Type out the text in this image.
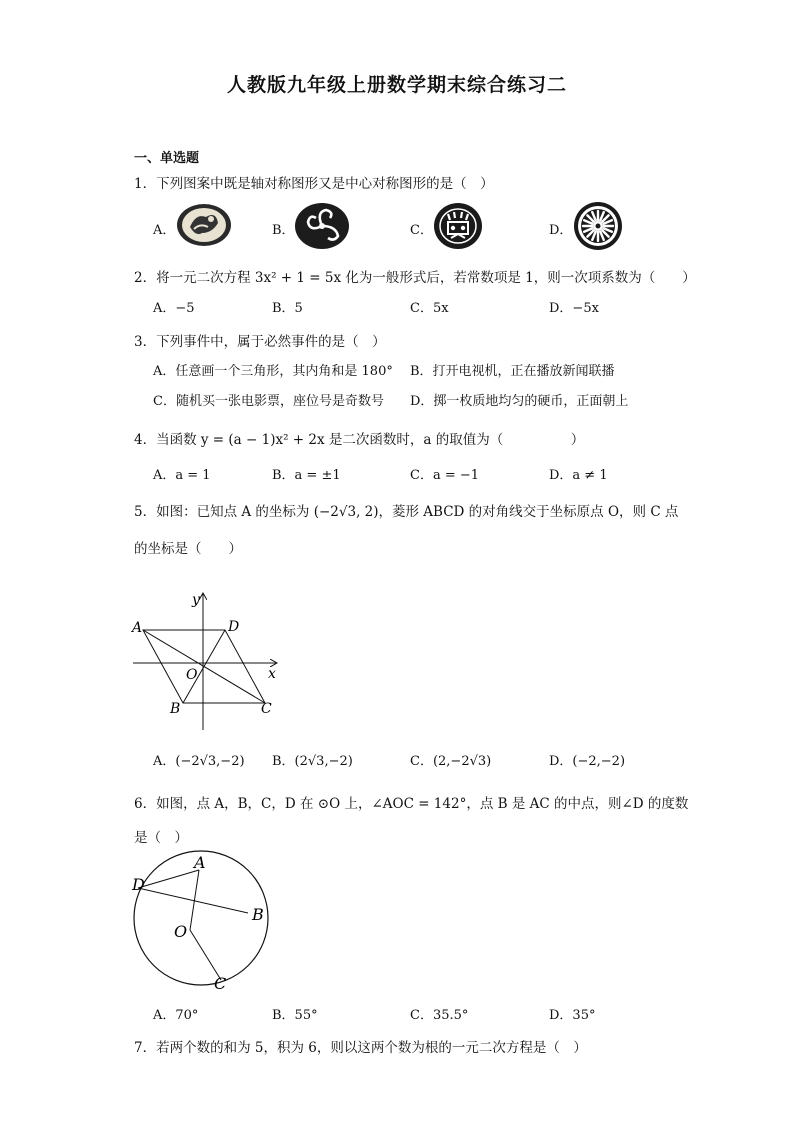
人教版九年级上册数学期末综合练习二
一、单选题
1．下列图案中既是轴对称图形又是中心对称图形的是（　）
A．	B．	C．	D．
2．将一元二次方程 3x² + 1 = 5x 化为一般形式后，若常数项是 1，则一次项系数为（　　）
A．−5	B．5	C．5x	D．−5x
3．下列事件中，属于必然事件的是（　）
A．任意画一个三角形，其内角和是 180° B．打开电视机，正在播放新闻联播
C．随机买一张电影票，座位号是奇数号 D．掷一枚质地均匀的硬币，正面朝上
4．当函数 y = (a − 1)x² + 2x 是二次函数时，a 的取值为（　　　　　）
A．a = 1	B．a = ±1	C．a = −1	D．a ≠ 1
5．如图：已知点 A 的坐标为 (−2√3, 2)，菱形 ABCD 的对角线交于坐标原点 O，则 C 点
的坐标是（　　）
y
x
A	D
O
B	C
A．(−2√3,−2) B．(2√3,−2)	C．(2,−2√3)	D．(−2,−2)
6．如图，点 A，B，C，D 在 ⊙O 上，∠AOC = 142°，点 B 是 AC 的中点，则∠D 的度数
是（　）
A
D
B
O
C
A．70°	B．55°	C．35.5°	D．35°
7．若两个数的和为 5，积为 6，则以这两个数为根的一元二次方程是（　）
